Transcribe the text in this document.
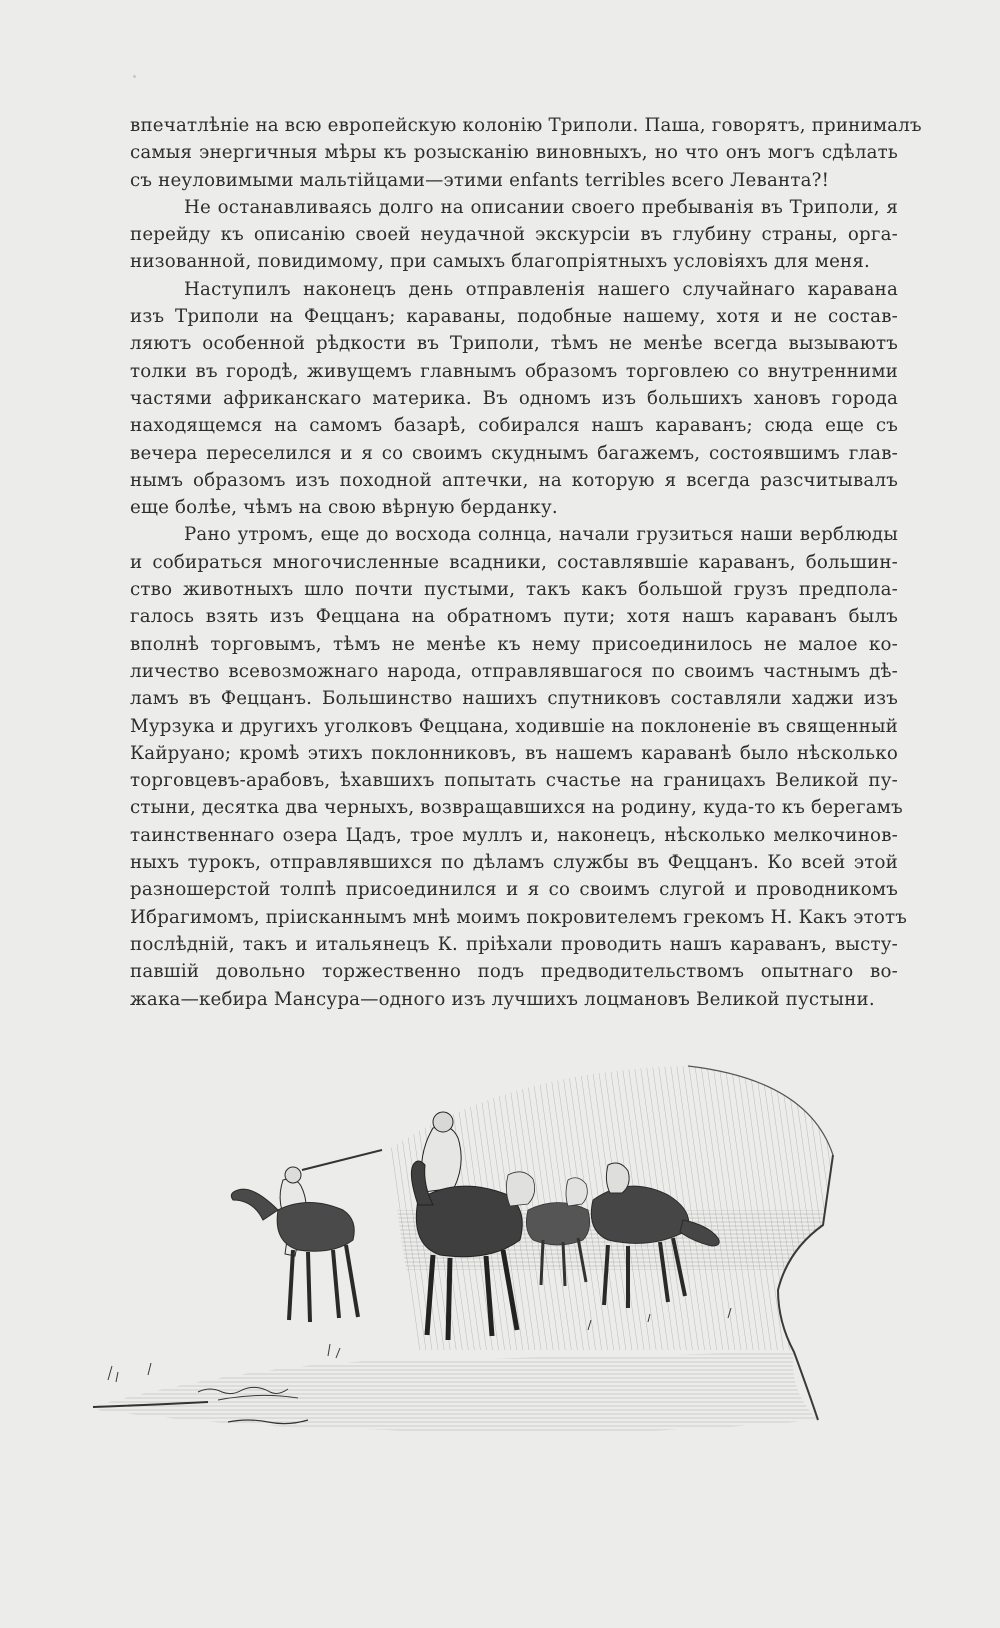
впечатлѣніе на всю европейскую колонію Триполи. Паша, говорятъ, принималъ
самыя энергичныя мѣры къ розысканію виновныхъ, но что онъ могъ сдѣлать
съ неуловимыми мальтійцами—этими enfants terribles всего Леванта?!
Не останавливаясь долго на описании своего пребыванія въ Триполи, я
перейду къ описанію своей неудачной экскурсіи въ глубину страны, орга-
низованной, повидимому, при самыхъ благопріятныхъ условіяхъ для меня.
Наступилъ наконецъ день отправленія нашего случайнаго каравана
изъ Триполи на Феццанъ; караваны, подобные нашему, хотя и не состав-
ляютъ особенной рѣдкости въ Триполи, тѣмъ не менѣе всегда вызываютъ
толки въ городѣ, живущемъ главнымъ образомъ торговлею со внутренними
частями африканскаго материка. Въ одномъ изъ большихъ хановъ города
находящемся на самомъ базарѣ, собирался нашъ караванъ; сюда еще съ
вечера переселился и я со своимъ скуднымъ багажемъ, состоявшимъ глав-
нымъ образомъ изъ походной аптечки, на которую я всегда разсчитывалъ
еще болѣе, чѣмъ на свою вѣрную берданку.
Рано утромъ, еще до восхода солнца, начали грузиться наши верблюды
и собираться многочисленные всадники, составлявшіе караванъ, большин-
ство животныхъ шло почти пустыми, такъ какъ большой грузъ предпола-
галось взять изъ Феццана на обратномъ пути; хотя нашъ караванъ былъ
вполнѣ торговымъ, тѣмъ не менѣе къ нему присоединилось не малое ко-
личество всевозможнаго народа, отправлявшагося по своимъ частнымъ дѣ-
ламъ въ Феццанъ. Большинство нашихъ спутниковъ составляли хаджи изъ
Мурзука и другихъ уголковъ Феццана, ходившіе на поклоненіе въ священный
Кайруано; кромѣ этихъ поклонниковъ, въ нашемъ караванѣ было нѣсколько
торговцевъ-арабовъ, ѣхавшихъ попытать счастье на границахъ Великой пу-
стыни, десятка два черныхъ, возвращавшихся на родину, куда-то къ берегамъ
таинственнаго озера Цадъ, трое муллъ и, наконецъ, нѣсколько мелкочинов-
ныхъ турокъ, отправлявшихся по дѣламъ службы въ Феццанъ. Ко всей этой
разношерстой толпѣ присоединился и я со своимъ слугой и проводникомъ
Ибрагимомъ, пріисканнымъ мнѣ моимъ покровителемъ грекомъ Н. Какъ этотъ
послѣдній, такъ и итальянецъ К. пріѣхали проводить нашъ караванъ, высту-
павшій довольно торжественно подъ предводительствомъ опытнаго во-
жака—кебира Мансура—одного изъ лучшихъ лоцмановъ Великой пустыни.
